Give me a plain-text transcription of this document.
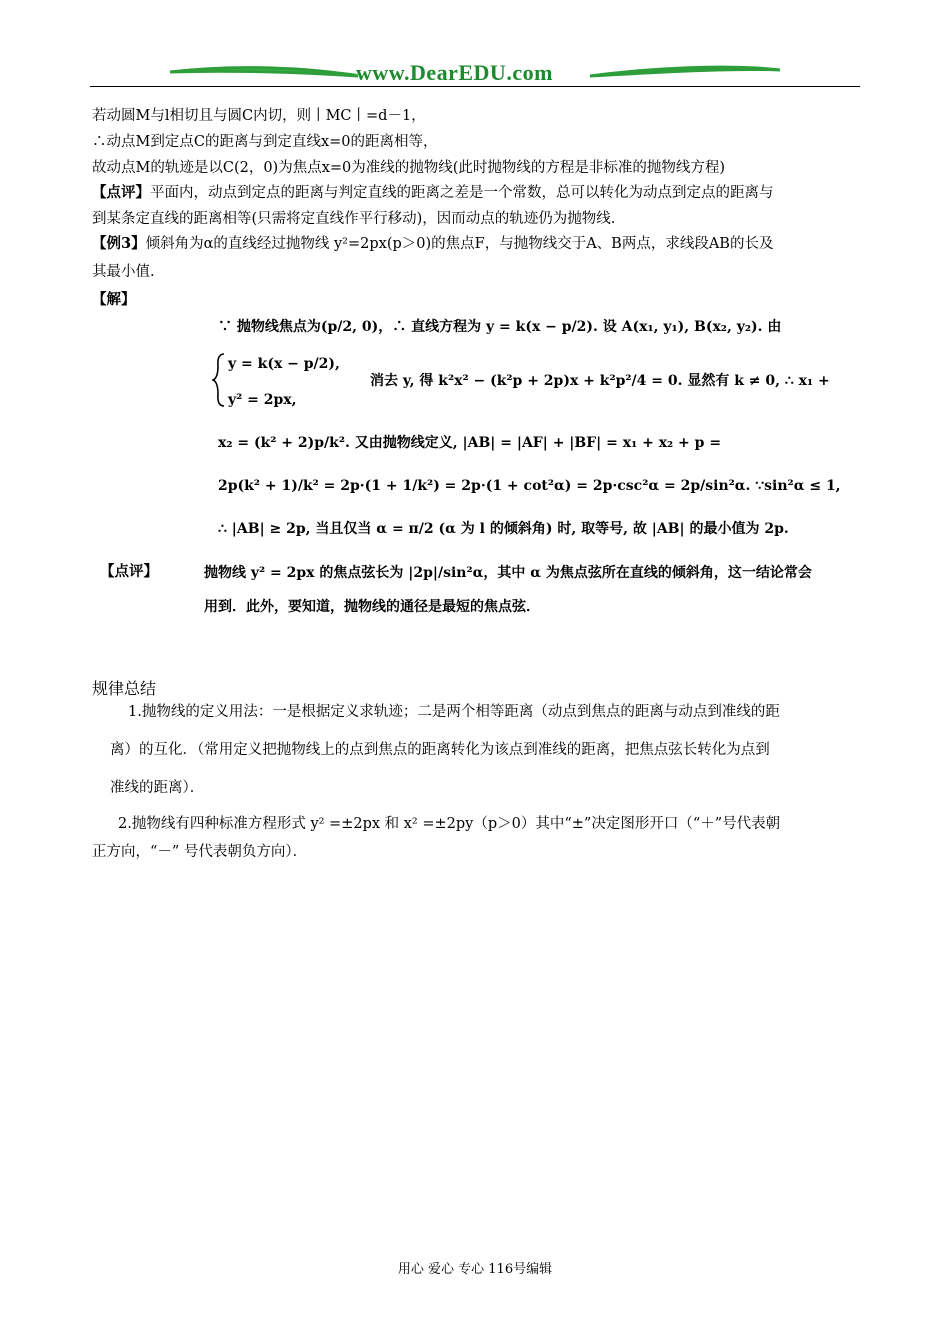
www.DearEDU.com
若动圆M与l相切且与圆C内切，则丨MC丨=d－1，
∴动点M到定点C的距离与到定直线x=0的距离相等，
故动点M的轨迹是以C(2，0)为焦点x=0为准线的抛物线(此时抛物线的方程是非标准的抛物线方程)
【点评】平面内，动点到定点的距离与判定直线的距离之差是一个常数，总可以转化为动点到定点的距离与
到某条定直线的距离相等(只需将定直线作平行移动)，因而动点的轨迹仍为抛物线.
【例3】倾斜角为α的直线经过抛物线 y²=2px(p＞0)的焦点F，与抛物线交于A、B两点，求线段AB的长及
其最小值.
【解】
∵ 抛物线焦点为(p/2, 0)，∴ 直线方程为 y = k(x − p/2). 设 A(x₁, y₁), B(x₂, y₂). 由
y = k(x − p/2),
消去 y, 得 k²x² − (k²p + 2p)x + k²p²/4 = 0. 显然有 k ≠ 0, ∴ x₁ +
y² = 2px,
x₂ = (k² + 2)p/k². 又由抛物线定义, |AB| = |AF| + |BF| = x₁ + x₂ + p =
2p(k² + 1)/k² = 2p·(1 + 1/k²) = 2p·(1 + cot²α) = 2p·csc²α = 2p/sin²α. ∵sin²α ≤ 1,
∴ |AB| ≥ 2p, 当且仅当 α = π/2 (α 为 l 的倾斜角) 时, 取等号, 故 |AB| 的最小值为 2p.
【点评】	抛物线 y² = 2px 的焦点弦长为 |2p|/sin²α，其中 α 为焦点弦所在直线的倾斜角，这一结论常会
用到．此外，要知道，抛物线的通径是最短的焦点弦．
规律总结
1.抛物线的定义用法：一是根据定义求轨迹；二是两个相等距离（动点到焦点的距离与动点到准线的距
离）的互化．（常用定义把抛物线上的点到焦点的距离转化为该点到准线的距离，把焦点弦长转化为点到
准线的距离）．
2.抛物线有四种标准方程形式 y² =±2px 和 x² =±2py（p＞0）其中“±”决定图形开口（“＋”号代表朝
正方向，“－” 号代表朝负方向）．
用心 爱心 专心 116号编辑
